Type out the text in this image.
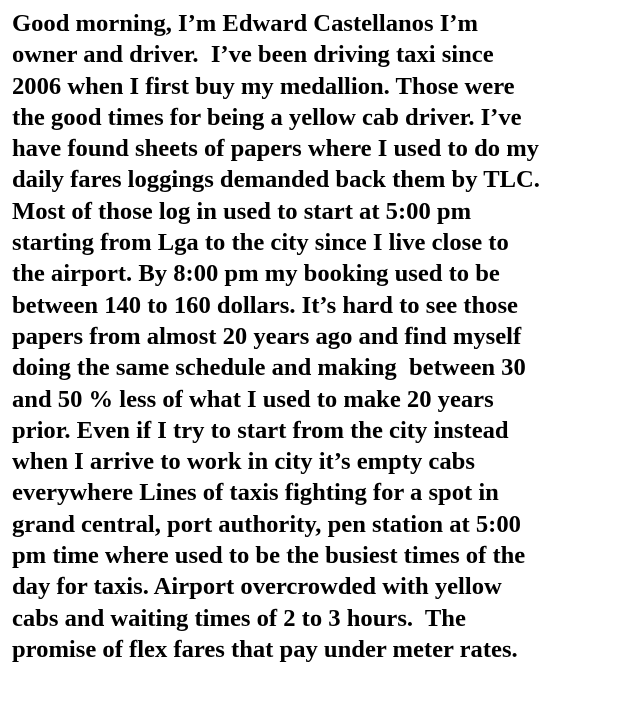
Good morning, I’m Edward Castellanos I’m
owner and driver.  I’ve been driving taxi since
2006 when I first buy my medallion. Those were
the good times for being a yellow cab driver. I’ve
have found sheets of papers where I used to do my
daily fares loggings demanded back them by TLC.
Most of those log in used to start at 5:00 pm
starting from Lga to the city since I live close to
the airport. By 8:00 pm my booking used to be
between 140 to 160 dollars. It’s hard to see those
papers from almost 20 years ago and find myself
doing the same schedule and making  between 30
and 50 % less of what I used to make 20 years
prior. Even if I try to start from the city instead
when I arrive to work in city it’s empty cabs
everywhere Lines of taxis fighting for a spot in
grand central, port authority, pen station at 5:00
pm time where used to be the busiest times of the
day for taxis. Airport overcrowded with yellow
cabs and waiting times of 2 to 3 hours.  The
promise of flex fares that pay under meter rates.
